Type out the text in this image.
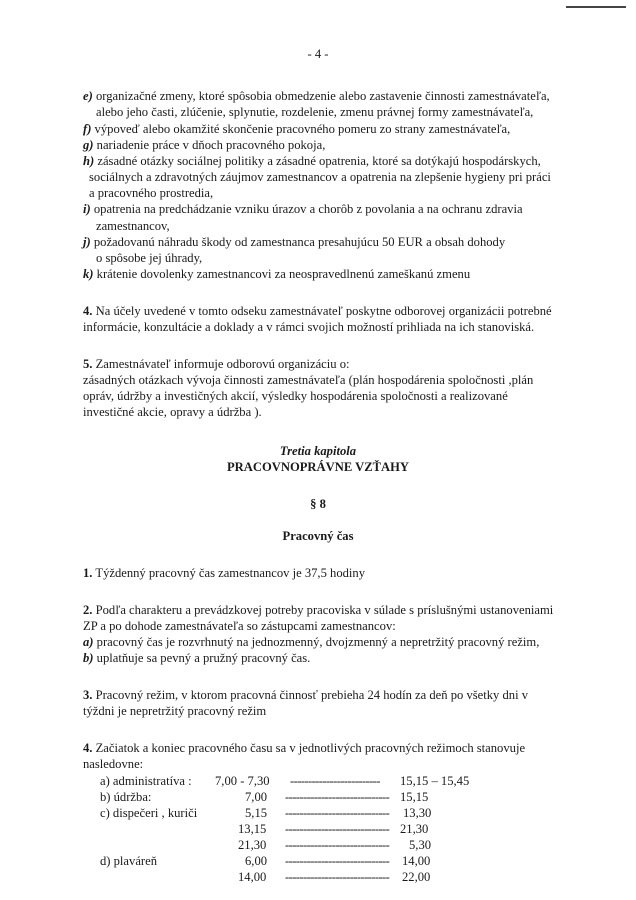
- 4 -
e) organizačné zmeny, ktoré spôsobia obmedzenie alebo zastavenie činnosti zamestnávateľa,
alebo jeho časti, zlúčenie, splynutie, rozdelenie, zmenu právnej formy zamestnávateľa,
f) výpoveď alebo okamžité skončenie pracovného pomeru zo strany zamestnávateľa,
g) nariadenie práce v dňoch pracovného pokoja,
h) zásadné otázky sociálnej politiky a zásadné opatrenia, ktoré sa dotýkajú hospodárskych,
sociálnych a zdravotných záujmov zamestnancov a opatrenia na zlepšenie hygieny pri práci
a pracovného prostredia,
i) opatrenia na predchádzanie vzniku úrazov a chorôb z povolania a na ochranu zdravia
zamestnancov,
j) požadovanú náhradu škody od zamestnanca presahujúcu 50 EUR a obsah dohody
o spôsobe jej úhrady,
k) krátenie dovolenky zamestnancovi za neospravedlnenú zameškanú zmenu
4. Na účely uvedené v tomto odseku zamestnávateľ poskytne odborovej organizácii potrebné
informácie, konzultácie a doklady a v rámci svojich možností prihliada na ich stanoviská.
5. Zamestnávateľ informuje odborovú organizáciu o:
zásadných otázkach vývoja činnosti zamestnávateľa (plán hospodárenia spoločnosti ,plán
opráv, údržby a investičných akcií, výsledky hospodárenia spoločnosti a realizované
investičné akcie, opravy a údržba ).
Tretia kapitola
PRACOVNOPRÁVNE VZŤAHY
§ 8
Pracovný čas
1. Týždenný pracovný čas zamestnancov je 37,5 hodiny
2. Podľa charakteru a prevádzkovej potreby pracoviska v súlade s príslušnými ustanoveniami
ZP a po dohode zamestnávateľa so zástupcami zamestnancov:
a) pracovný čas je rozvrhnutý na jednozmenný, dvojzmenný a nepretržitý pracovný režim,
b) uplatňuje sa pevný a pružný pracovný čas.
3. Pracovný režim, v ktorom pracovná činnosť prebieha 24 hodín za deň po všetky dni v
týždni je nepretržitý pracovný režim
4. Začiatok a koniec pracovného času sa v jednotlivých pracovných režimoch stanovuje
nasledovne:
a) administratíva : 7,00 - 7,30 ------------------------- 15,15 – 15,45
b) údržba:	7,00 ----------------------------- 15,15
c) dispečeri , kuriči	5,15 ----------------------------- 13,30
13,15 ----------------------------- 21,30
21,30 ----------------------------- 5,30
d) plaváreň	6,00 ----------------------------- 14,00
14,00 ----------------------------- 22,00
